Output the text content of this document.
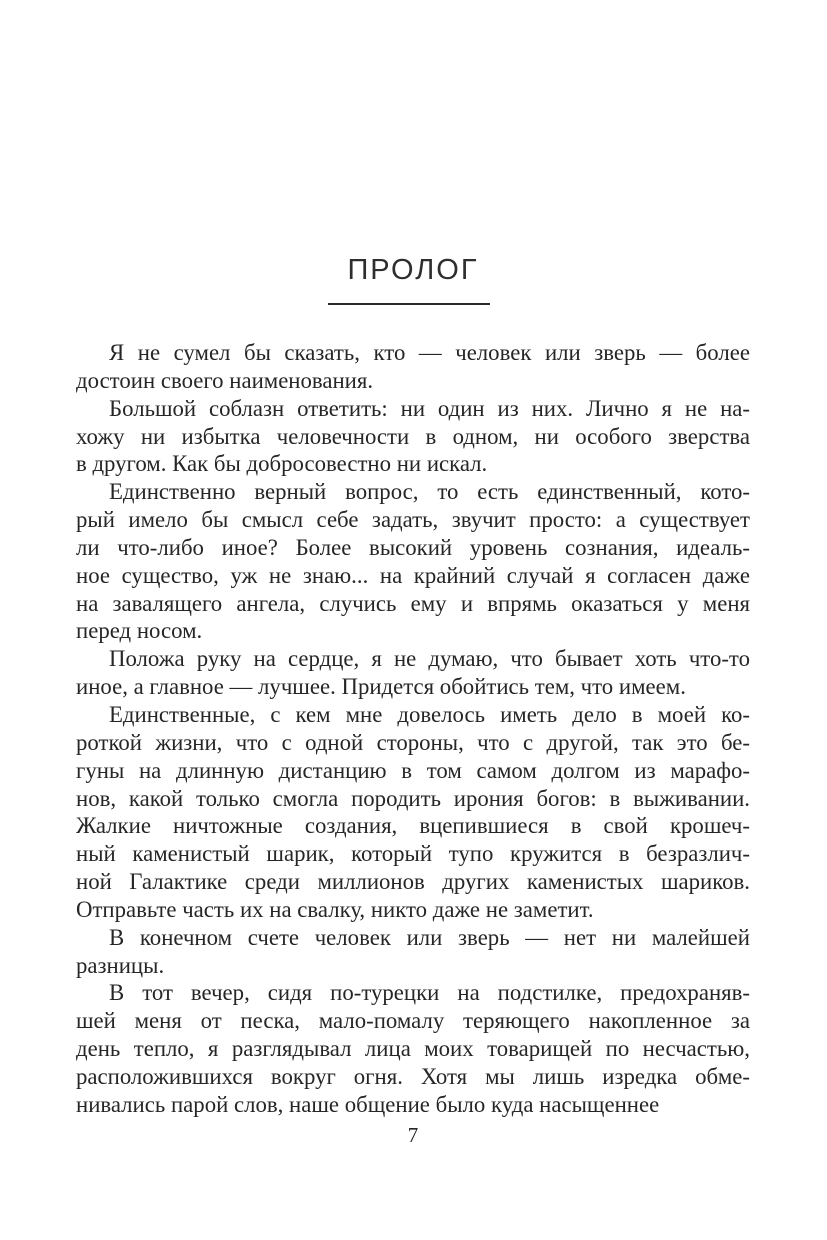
ПРОЛОГ
Я не сумел бы сказать, кто — человек или зверь — более
достоин своего наименования.
Большой соблазн ответить: ни один из них. Лично я не на-
хожу ни избытка человечности в одном, ни особого зверства
в другом. Как бы добросовестно ни искал.
Единственно верный вопрос, то есть единственный, кото-
рый имело бы смысл себе задать, звучит просто: а существует
ли что-либо иное? Более высокий уровень сознания, идеаль-
ное существо, уж не знаю... на крайний случай я согласен даже
на завалящего ангела, случись ему и впрямь оказаться у меня
перед носом.
Положа руку на сердце, я не думаю, что бывает хоть что-то
иное, а главное — лучшее. Придется обойтись тем, что имеем.
Единственные, с кем мне довелось иметь дело в моей ко-
роткой жизни, что с одной стороны, что с другой, так это бе-
гуны на длинную дистанцию в том самом долгом из марафо-
нов, какой только смогла породить ирония богов: в выживании.
Жалкие ничтожные создания, вцепившиеся в свой крошеч-
ный каменистый шарик, который тупо кружится в безразлич-
ной Галактике среди миллионов других каменистых шариков.
Отправьте часть их на свалку, никто даже не заметит.
В конечном счете человек или зверь — нет ни малейшей
разницы.
В тот вечер, сидя по-турецки на подстилке, предохраняв-
шей меня от песка, мало-помалу теряющего накопленное за
день тепло, я разглядывал лица моих товарищей по несчастью,
расположившихся вокруг огня. Хотя мы лишь изредка обме-
нивались парой слов, наше общение было куда насыщеннее
7
